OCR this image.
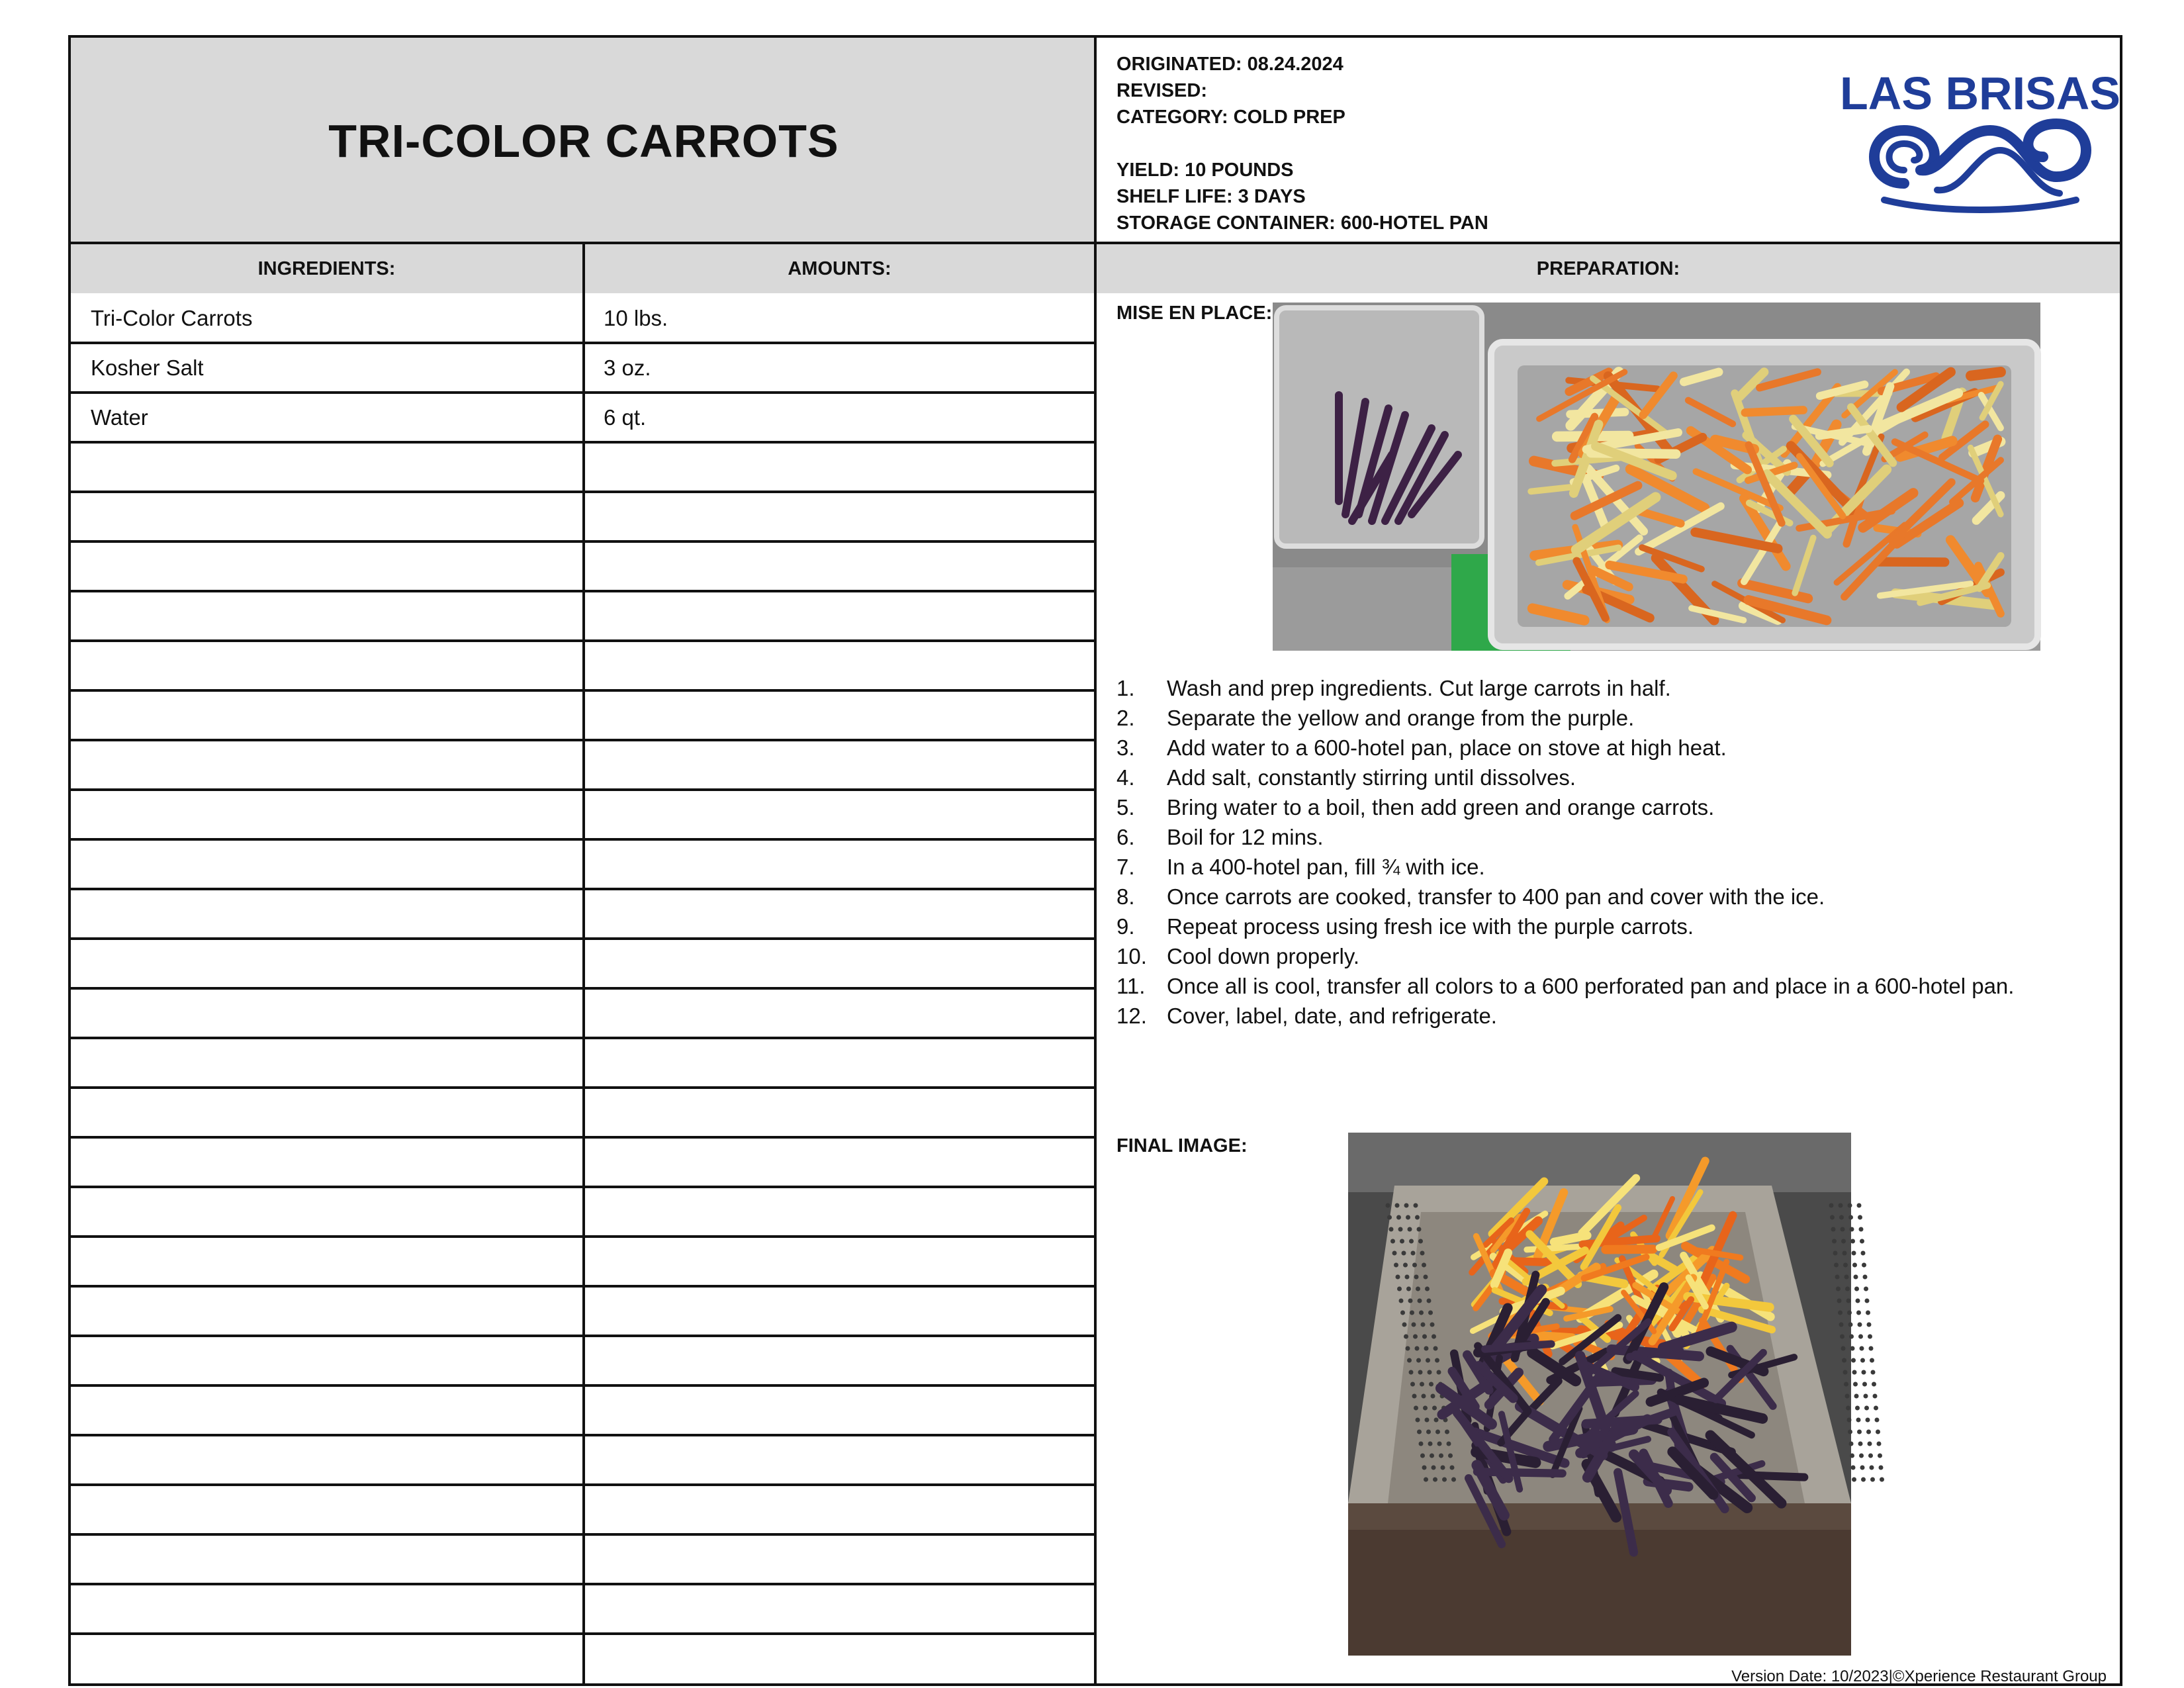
TRI-COLOR CARROTS
ORIGINATED: 08.24.2024
REVISED:
CATEGORY: COLD PREP
YIELD: 10 POUNDS
SHELF LIFE: 3 DAYS
STORAGE CONTAINER: 600-HOTEL PAN
LAS BRISAS
INGREDIENTS:	AMOUNTS:	PREPARATION:
Tri-Color Carrots	10 lbs.
Kosher Salt	3 oz.
Water	6 qt.
MISE EN PLACE:
1. Wash and prep ingredients. Cut large carrots in half.
2. Separate the yellow and orange from the purple.
3. Add water to a 600-hotel pan, place on stove at high heat.
4. Add salt, constantly stirring until dissolves.
5. Bring water to a boil, then add green and orange carrots.
6. Boil for 12 mins.
7. In a 400-hotel pan, fill ¾ with ice.
8. Once carrots are cooked, transfer to 400 pan and cover with the ice.
9. Repeat process using fresh ice with the purple carrots.
10. Cool down properly.
11. Once all is cool, transfer all colors to a 600 perforated pan and place in a 600-hotel pan.
12. Cover, label, date, and refrigerate.
FINAL IMAGE:
Version Date: 10/2023|©Xperience Restaurant Group
